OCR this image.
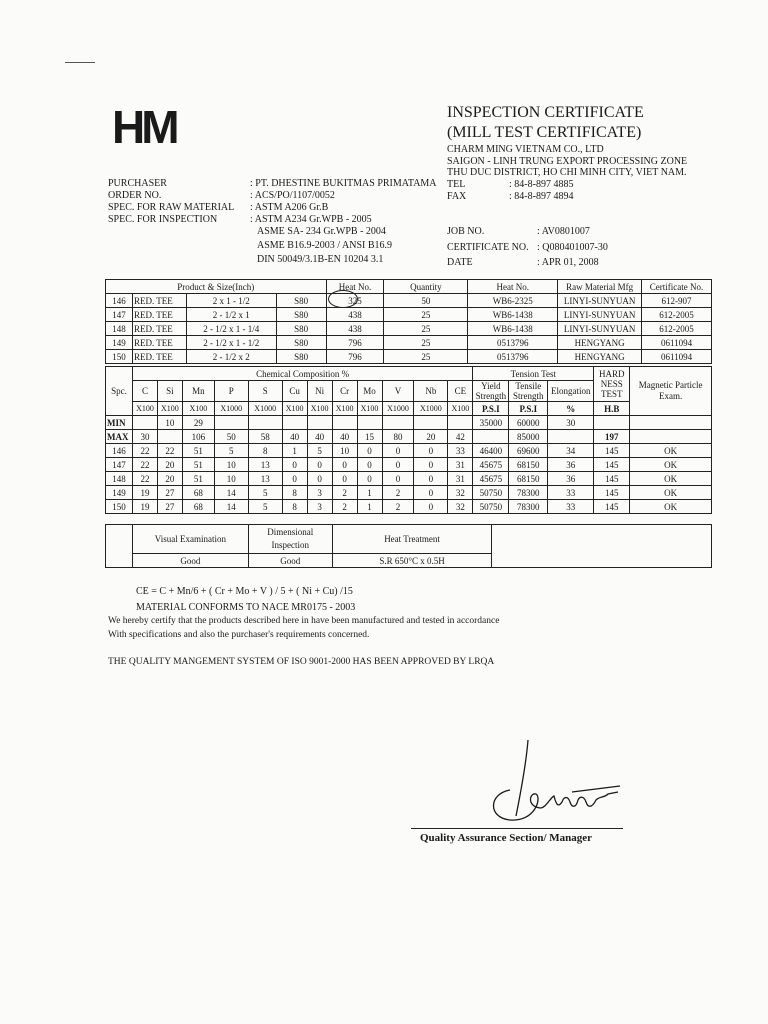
HM	INSPECTION CERTIFICATE
(MILL TEST CERTIFICATE)
CHARM MING VIETNAM CO., LTD
SAIGON - LINH TRUNG EXPORT PROCESSING ZONE
THU DUC DISTRICT, HO CHI MINH CITY, VIET NAM.
TEL	: 84-8-897 4885
FAX	: 84-8-897 4894
PURCHASER	: PT. DHESTINE BUKITMAS PRIMATAMA
ORDER NO.	: ACS/PO/1107/0052
SPEC. FOR RAW MATERIAL	: ASTM A206 Gr.B
SPEC. FOR INSPECTION	: ASTM A234 Gr.WPB - 2005
	ASME SA- 234 Gr.WPB - 2004
	ASME B16.9-2003 / ANSI B16.9
	DIN 50049/3.1B-EN 10204 3.1
JOB NO.	: AV0801007
CERTIFICATE NO.	: Q080401007-30
DATE	: APR 01, 2008
Product & Size(Inch)				Heat No.	Quantity	Heat No.	Raw Material Mfg	Certificate No.
146	RED. TEE	2 x 1 - 1/2	S80	325	50	WB6-2325	LINYI-SUNYUAN	612-907
147	RED. TEE	2 - 1/2 x 1	S80	438	25	WB6-1438	LINYI-SUNYUAN	612-2005
148	RED. TEE	2 - 1/2 x 1 - 1/4	S80	438	25	WB6-1438	LINYI-SUNYUAN	612-2005
149	RED. TEE	2 - 1/2 x 1 - 1/2	S80	796	25	0513796	HENGYANG	0611094
150	RED. TEE	2 - 1/2 x 2	S80	796	25	0513796	HENGYANG	0611094
Spc.	Chemical Composition %												Tension Test			HARD NESS TEST	Magnetic Particle Exam.
	C	Si	Mn	P	S	Cu	Ni	Cr	Mo	V	Nb	CE	Yield Strength	Tensile Strength	Elongation		
	X100	X100	X100	X1000	X1000	X100	X100	X100	X100	X1000	X1000	X100	P.S.I	P.S.I	%	H.B	
MIN		10	29										35000	60000	30		
MAX	30		106	50	58	40	40	40	15	80	20	42		85000		197	
146	22	22	51	5	8	1	5	10	0	0	0	33	46400	69600	34	145	OK
147	22	20	51	10	13	0	0	0	0	0	0	31	45675	68150	36	145	OK
148	22	20	51	10	13	0	0	0	0	0	0	31	45675	68150	36	145	OK
149	19	27	68	14	5	8	3	2	1	2	0	32	50750	78300	33	145	OK
150	19	27	68	14	5	8	3	2	1	2	0	32	50750	78300	33	145	OK
	Visual Examination	Dimensional Inspection	Heat Treatment	
	Good	Good	S.R 650°C x 0.5H	
CE = C + Mn/6 + ( Cr + Mo + V ) / 5 + ( Ni + Cu) /15
MATERIAL CONFORMS TO NACE MR0175 - 2003
We hereby certify that the products described here in have been manufactured and tested in accordance
With specifications and also the purchaser's requirements concerned.
THE QUALITY MANGEMENT SYSTEM OF ISO 9001-2000 HAS BEEN APPROVED BY LRQA
Quality Assurance Section/ Manager
